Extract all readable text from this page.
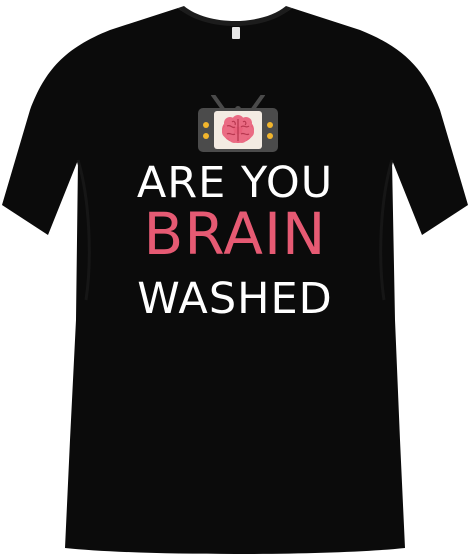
ARE YOU
BRAIN
WASHED
